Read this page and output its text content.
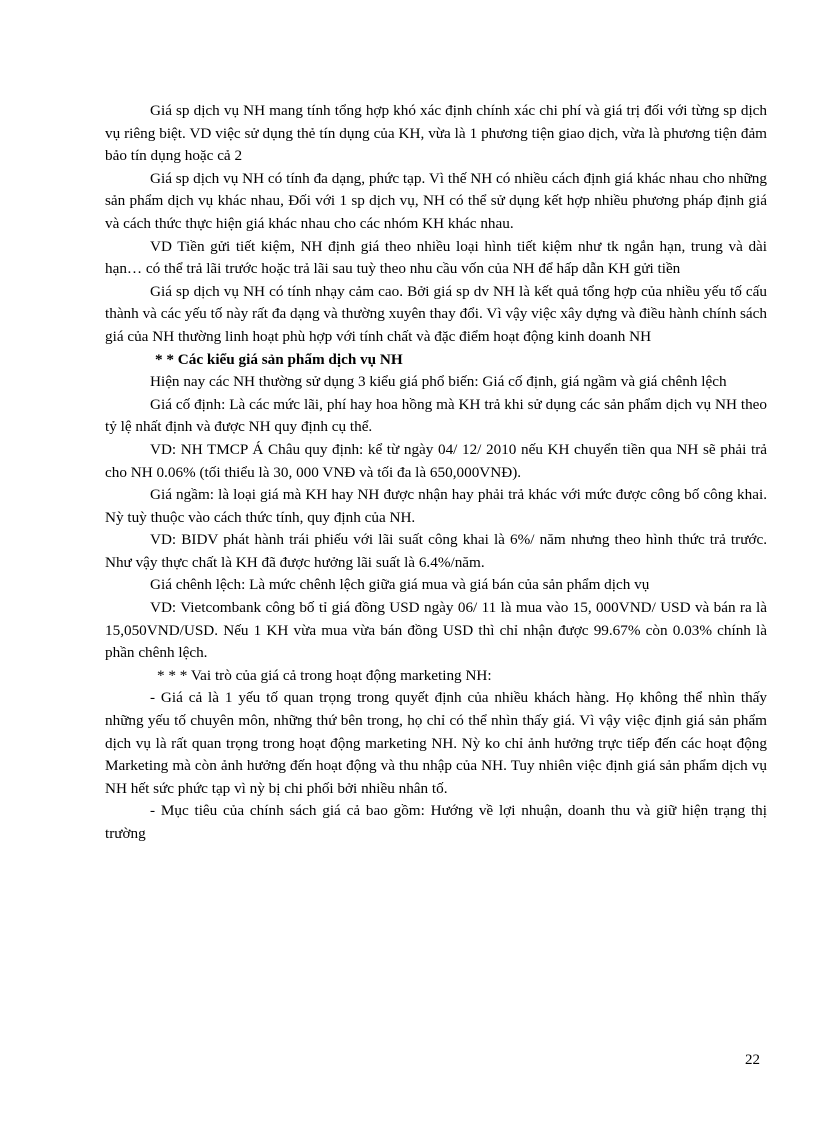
Giá sp dịch vụ NH mang tính tổng hợp khó xác định chính xác chi phí và giá trị đối với từng sp dịch vụ riêng biệt. VD việc sử dụng thẻ tín dụng của KH, vừa là 1 phương tiện giao dịch, vừa là phương tiện đảm bảo tín dụng hoặc cả 2

Giá sp dịch vụ NH có tính đa dạng, phức tạp. Vì thế NH có nhiều cách định giá khác nhau cho những sản phẩm dịch vụ khác nhau, Đối với 1 sp dịch vụ, NH có thể sử dụng kết hợp nhiều phương pháp định giá và cách thức thực hiện giá khác nhau cho các nhóm KH khác nhau.

VD Tiền gửi tiết kiệm, NH định giá theo nhiều loại hình tiết kiệm như tk ngắn hạn, trung và dài hạn… có thể trả lãi trước hoặc trả lãi sau tuỳ theo nhu cầu vốn của NH để hấp dẫn KH gửi tiền

Giá sp dịch vụ NH có tính nhạy cảm cao. Bởi giá sp dv NH là kết quả tổng hợp của nhiều yếu tố cấu thành và các yếu tố này rất đa dạng và thường xuyên thay đổi. Vì vậy việc xây dựng và điều hành chính sách giá của NH thường linh hoạt phù hợp với tính chất và đặc điểm hoạt động kinh doanh NH

* * Các kiểu giá sản phẩm dịch vụ NH

Hiện nay các NH thường sử dụng 3 kiểu giá phổ biến: Giá cố định, giá ngầm và giá chênh lệch

Giá cố định: Là các mức lãi, phí hay hoa hồng mà KH trả khi sử dụng các sản phẩm dịch vụ NH theo tỷ lệ nhất định và được NH quy định cụ thể.

VD: NH TMCP Á Châu quy định: kể từ ngày 04/ 12/ 2010 nếu KH chuyển tiền qua NH sẽ phải trả cho NH 0.06% (tối thiểu là 30, 000 VNĐ và tối đa là 650,000VNĐ).

Giá ngầm: là loại giá mà KH hay NH được nhận hay phải trả khác với mức được công bố công khai. Nỳ tuỳ thuộc vào cách thức tính, quy định của NH.

VD: BIDV phát hành trái phiếu với lãi suất công khai là 6%/ năm nhưng theo hình thức trả trước. Như vậy thực chất là KH đã được hưởng lãi suất là 6.4%/năm.

Giá chênh lệch: Là mức chênh lệch giữa giá mua và giá bán của sản phẩm dịch vụ

VD: Vietcombank công bố tỉ giá đồng USD ngày 06/ 11 là mua vào 15, 000VND/ USD và bán ra là 15,050VND/USD. Nếu 1 KH vừa mua vừa bán đồng USD thì chỉ nhận được 99.67% còn 0.03% chính là phần chênh lệch.

* * * Vai trò của giá cả trong hoạt động marketing NH:

- Giá cả là 1 yếu tố quan trọng trong quyết định của nhiều khách hàng. Họ không thể nhìn thấy những yếu tố chuyên môn, những thứ bên trong, họ chỉ có thể nhìn thấy giá. Vì vậy việc định giá sản phẩm dịch vụ là rất quan trọng trong hoạt động marketing NH. Nỳ ko chỉ ảnh hưởng trực tiếp đến các hoạt động Marketing mà còn ảnh hưởng đến hoạt động và thu nhập của NH. Tuy nhiên việc định giá sản phẩm dịch vụ NH hết sức phức tạp vì nỳ bị chi phối bởi nhiều nhân tố.

- Mục tiêu của chính sách giá cả bao gồm: Hướng về lợi nhuận, doanh thu và giữ hiện trạng thị trường

22
